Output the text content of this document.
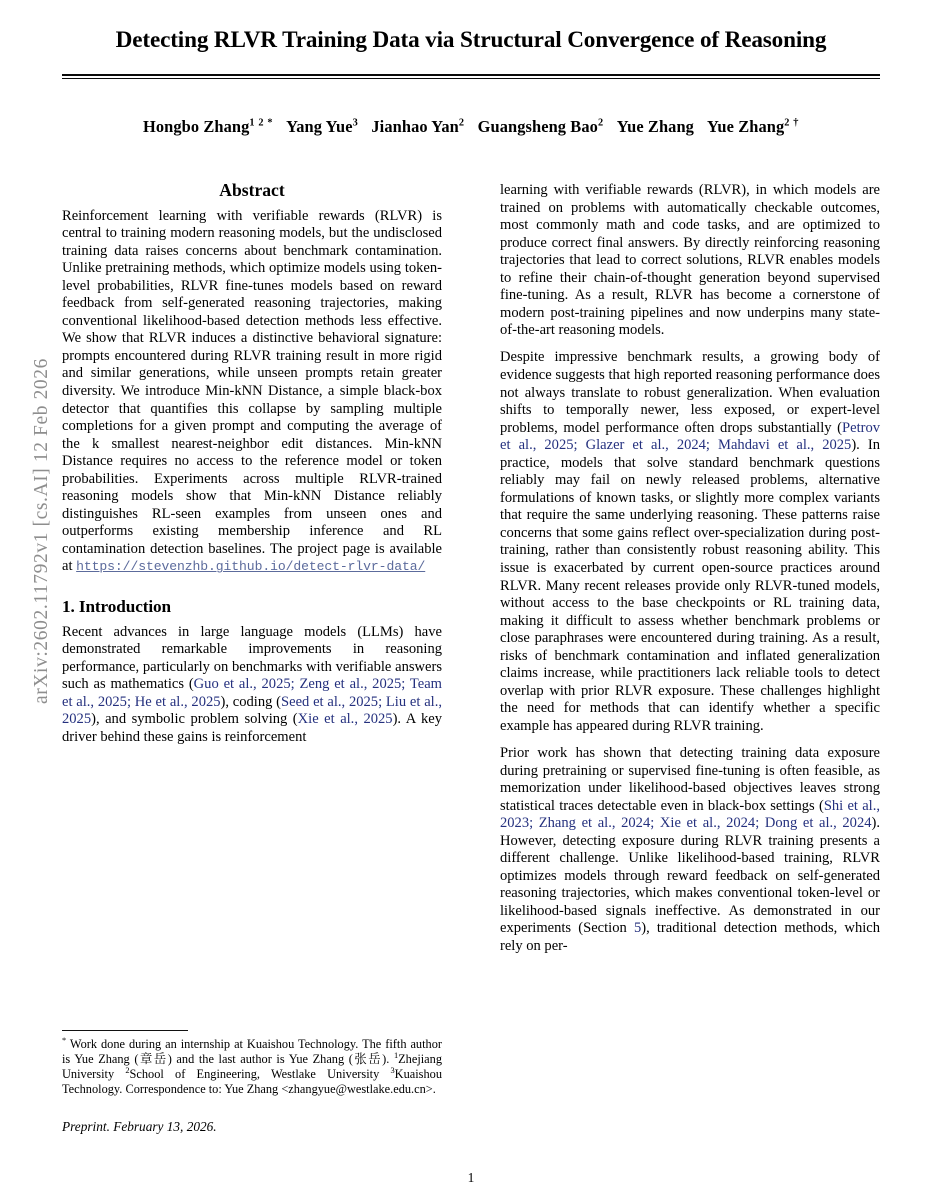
arXiv:2602.11792v1 [cs.AI] 12 Feb 2026
Detecting RLVR Training Data via Structural Convergence of Reasoning
Hongbo Zhang$^{1 2 *}$ Yang Yue$^3$ Jianhao Yan$^2$ Guangsheng Bao$^2$ Yue Zhang Yue Zhang$^{2 \dagger}$
Abstract

Reinforcement learning with verifiable rewards (RLVR) is central to training modern reasoning models, but the undisclosed training data raises concerns about benchmark contamination. Unlike pretraining methods, which optimize models using token-level probabilities, RLVR fine-tunes models based on reward feedback from self-generated reasoning trajectories, making conventional likelihood-based detection methods less effective. We show that RLVR induces a distinctive behavioral signature: prompts encountered during RLVR training result in more rigid and similar generations, while unseen prompts retain greater diversity. We introduce Min-kNN Distance, a simple black-box detector that quantifies this collapse by sampling multiple completions for a given prompt and computing the average of the k smallest nearest-neighbor edit distances. Min-kNN Distance requires no access to the reference model or token probabilities. Experiments across multiple RLVR-trained reasoning models show that Min-kNN Distance reliably distinguishes RL-seen examples from unseen ones and outperforms existing membership inference and RL contamination detection baselines. The project page is available at https://stevenzhb.github.io/detect-rlvr-data/

1. Introduction

Recent advances in large language models (LLMs) have demonstrated remarkable improvements in reasoning performance, particularly on benchmarks with verifiable answers such as mathematics (Guo et al., 2025; Zeng et al., 2025; Team et al., 2025; He et al., 2025), coding (Seed et al., 2025; Liu et al., 2025), and symbolic problem solving (Xie et al., 2025). A key driver behind these gains is reinforcement

* Work done during an internship at Kuaishou Technology. The fifth author is Yue Zhang (章岳) and the last author is Yue Zhang (张岳). $^1$Zhejiang University $^2$School of Engineering, Westlake University $^3$Kuaishou Technology. Correspondence to: Yue Zhang <zhangyue@westlake.edu.cn>.

Preprint. February 13, 2026.

learning with verifiable rewards (RLVR), in which models are trained on problems with automatically checkable outcomes, most commonly math and code tasks, and are optimized to produce correct final answers. By directly reinforcing reasoning trajectories that lead to correct solutions, RLVR enables models to refine their chain-of-thought generation beyond supervised fine-tuning. As a result, RLVR has become a cornerstone of modern post-training pipelines and now underpins many state-of-the-art reasoning models.

Despite impressive benchmark results, a growing body of evidence suggests that high reported reasoning performance does not always translate to robust generalization. When evaluation shifts to temporally newer, less exposed, or expert-level problems, model performance often drops substantially (Petrov et al., 2025; Glazer et al., 2024; Mahdavi et al., 2025). In practice, models that solve standard benchmark questions reliably may fail on newly released problems, alternative formulations of known tasks, or slightly more complex variants that require the same underlying reasoning. These patterns raise concerns that some gains reflect over-specialization during post-training, rather than consistently robust reasoning ability. This issue is exacerbated by current open-source practices around RLVR. Many recent releases provide only RLVR-tuned models, without access to the base checkpoints or RL training data, making it difficult to assess whether benchmark problems or close paraphrases were encountered during training. As a result, risks of benchmark contamination and inflated generalization claims increase, while practitioners lack reliable tools to detect overlap with prior RLVR exposure. These challenges highlight the need for methods that can identify whether a specific example has appeared during RLVR training.

Prior work has shown that detecting training data exposure during pretraining or supervised fine-tuning is often feasible, as memorization under likelihood-based objectives leaves strong statistical traces detectable even in black-box settings (Shi et al., 2023; Zhang et al., 2024; Xie et al., 2024; Dong et al., 2024). However, detecting exposure during RLVR training presents a different challenge. Unlike likelihood-based training, RLVR optimizes models through reward feedback on self-generated reasoning trajectories, which makes conventional token-level or likelihood-based signals ineffective. As demonstrated in our experiments (Section 5), traditional detection methods, which rely on per-

1
